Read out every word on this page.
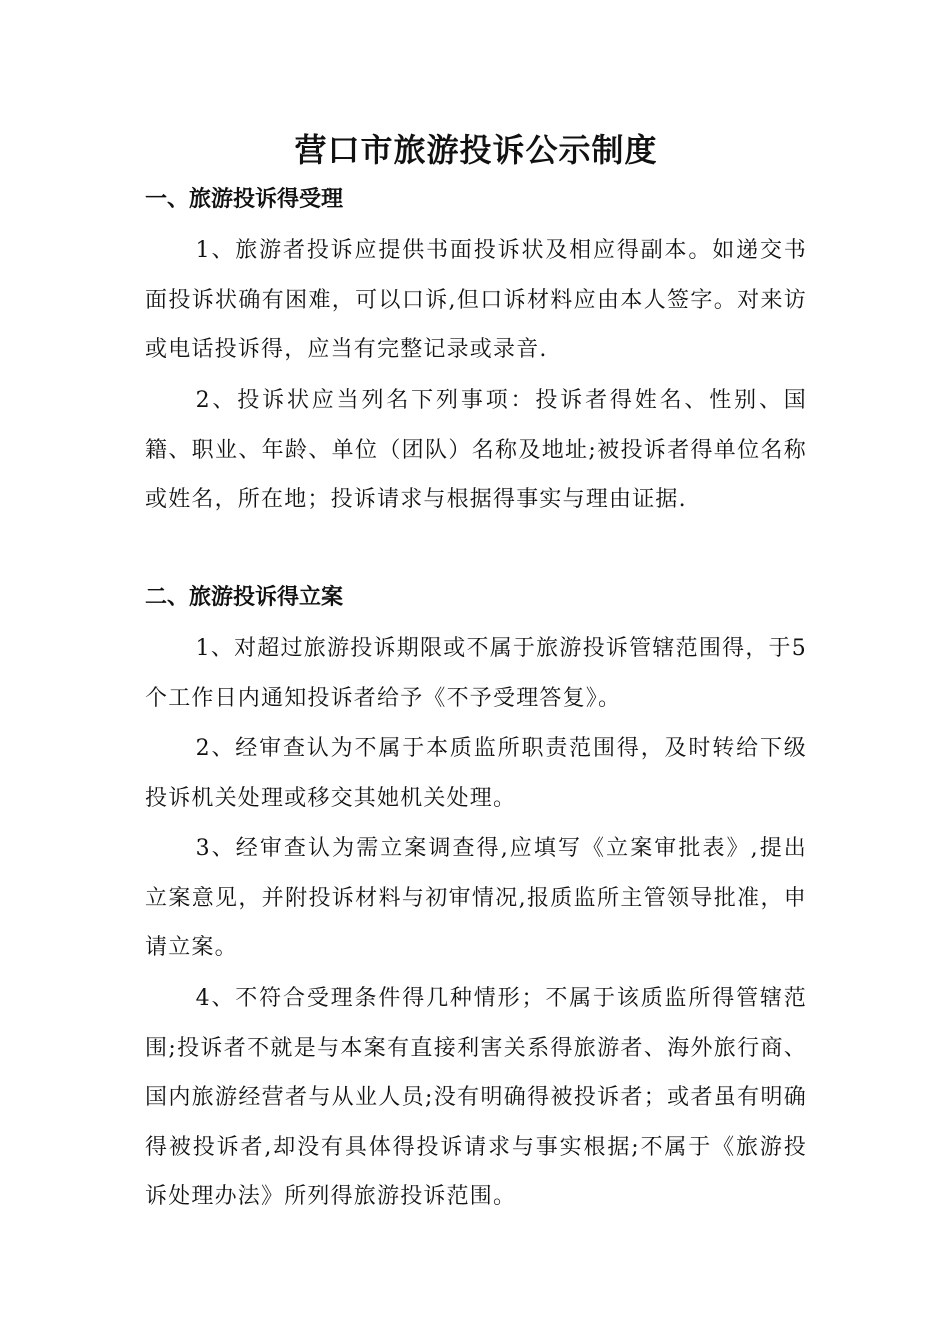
营口市旅游投诉公示制度
一、旅游投诉得受理

1、旅游者投诉应提供书面投诉状及相应得副本。如递交书面投诉状确有困难，可以口诉,但口诉材料应由本人签字。对来访或电话投诉得，应当有完整记录或录音.

2、投诉状应当列名下列事项：投诉者得姓名、性别、国籍、职业、年龄、单位（团队）名称及地址;被投诉者得单位名称或姓名，所在地；投诉请求与根据得事实与理由证据.

二、旅游投诉得立案

1、对超过旅游投诉期限或不属于旅游投诉管辖范围得，于5个工作日内通知投诉者给予《不予受理答复》。

2、经审查认为不属于本质监所职责范围得，及时转给下级投诉机关处理或移交其她机关处理。

3、经审查认为需立案调查得,应填写《立案审批表》,提出立案意见，并附投诉材料与初审情况,报质监所主管领导批准，申请立案。

4、不符合受理条件得几种情形；不属于该质监所得管辖范围;投诉者不就是与本案有直接利害关系得旅游者、海外旅行商、国内旅游经营者与从业人员;没有明确得被投诉者；或者虽有明确得被投诉者,却没有具体得投诉请求与事实根据;不属于《旅游投诉处理办法》所列得旅游投诉范围。
